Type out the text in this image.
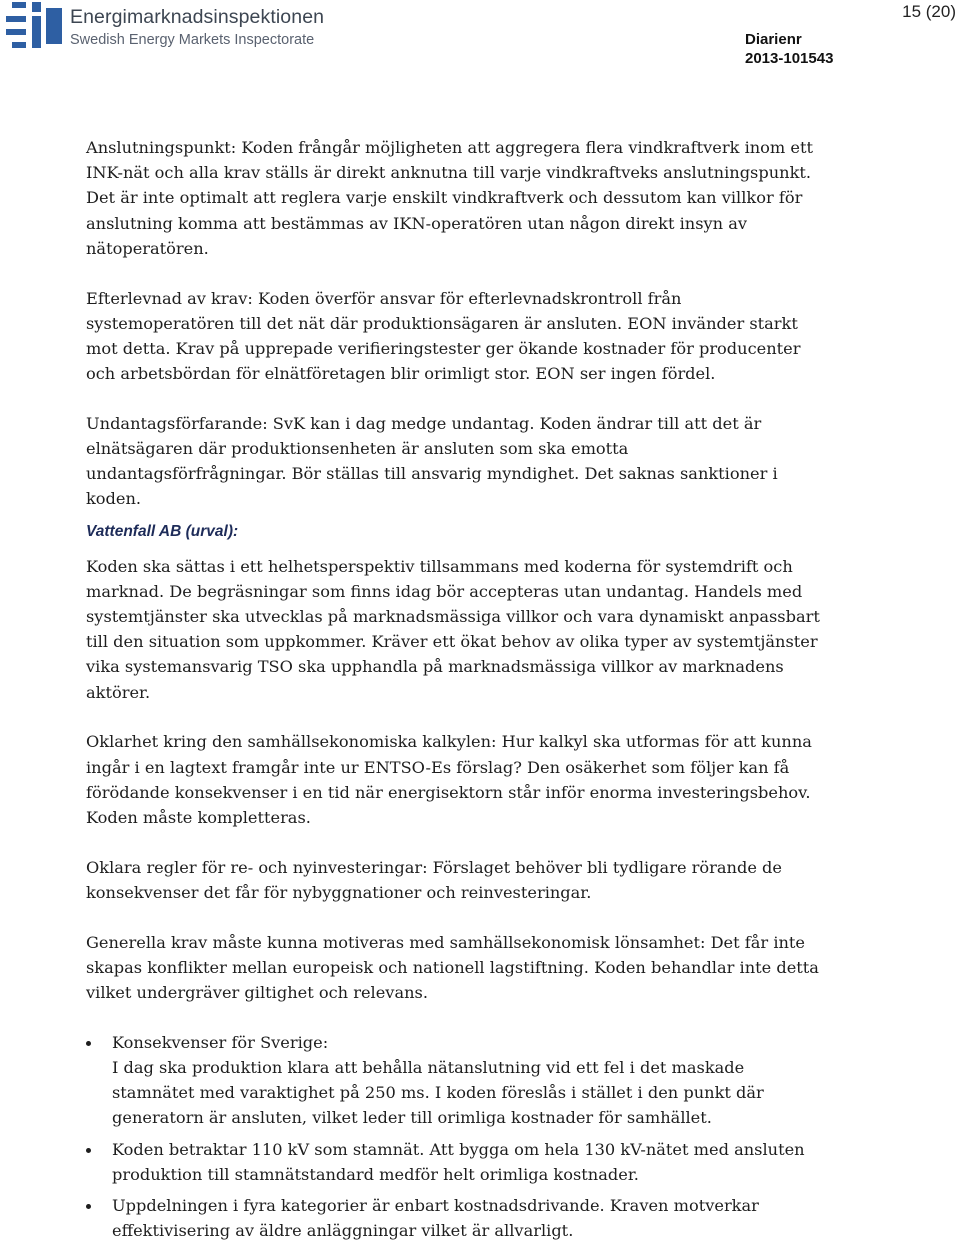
Energimarknadsinspektionen
Swedish Energy Markets Inspectorate
15 (20)
Diarienr
2013-101543

Anslutningspunkt: Koden frångår möjligheten att aggregera flera vindkraftverk inom ett INK-nät och alla krav ställs är direkt anknutna till varje vindkraftveks anslutningspunkt. Det är inte optimalt att reglera varje enskilt vindkraftverk och dessutom kan villkor för anslutning komma att bestämmas av IKN-operatören utan någon direkt insyn av nätoperatören.

Efterlevnad av krav: Koden överför ansvar för efterlevnadskrontroll från systemoperatören till det nät där produktionsägaren är ansluten. EON invänder starkt mot detta. Krav på upprepade verifieringstester ger ökande kostnader för producenter och arbetsbördan för elnätföretagen blir orimligt stor. EON ser ingen fördel.

Undantagsförfarande: SvK kan i dag medge undantag. Koden ändrar till att det är elnätsägaren där produktionsenheten är ansluten som ska emotta undantagsförfrågningar. Bör ställas till ansvarig myndighet. Det saknas sanktioner i koden.

Vattenfall AB (urval):

Koden ska sättas i ett helhetsperspektiv tillsammans med koderna för systemdrift och marknad. De begräsningar som finns idag bör accepteras utan undantag. Handels med systemtjänster ska utvecklas på marknadsmässiga villkor och vara dynamiskt anpassbart till den situation som uppkommer. Kräver ett ökat behov av olika typer av systemtjänster vika systemansvarig TSO ska upphandla på marknadsmässiga villkor av marknadens aktörer.

Oklarhet kring den samhällsekonomiska kalkylen: Hur kalkyl ska utformas för att kunna ingår i en lagtext framgår inte ur ENTSO-Es förslag? Den osäkerhet som följer kan få förödande konsekvenser i en tid när energisektorn står inför enorma investeringsbehov. Koden måste kompletteras.

Oklara regler för re- och nyinvesteringar: Förslaget behöver bli tydligare rörande de konsekvenser det får för nybyggnationer och reinvesteringar.

Generella krav måste kunna motiveras med samhällsekonomisk lönsamhet: Det får inte skapas konflikter mellan europeisk och nationell lagstiftning. Koden behandlar inte detta vilket undergräver giltighet och relevans.

Konsekvenser för Sverige:
I dag ska produktion klara att behålla nätanslutning vid ett fel i det maskade stamnätet med varaktighet på 250 ms. I koden föreslås i stället i den punkt där generatorn är ansluten, vilket leder till orimliga kostnader för samhället.
Koden betraktar 110 kV som stamnät. Att bygga om hela 130 kV-nätet med ansluten produktion till stamnätstandard medför helt orimliga kostnader.
Uppdelningen i fyra kategorier är enbart kostnadsdrivande. Kraven motverkar effektivisering av äldre anläggningar vilket är allvarligt.
